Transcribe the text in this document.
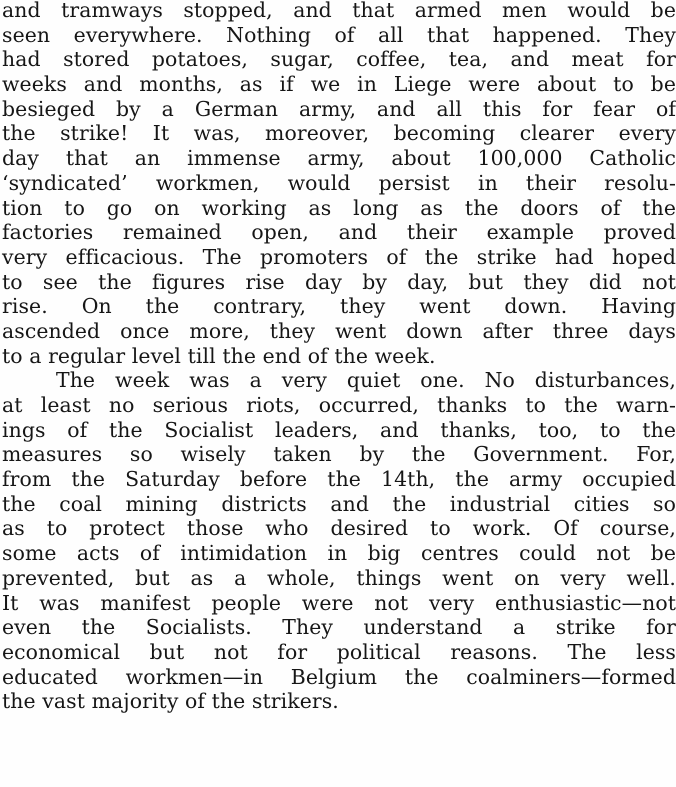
and tramways stopped, and that armed men would be
seen everywhere. Nothing of all that happened. They
had stored potatoes, sugar, coffee, tea, and meat for
weeks and months, as if we in Liege were about to be
besieged by a German army, and all this for fear of
the strike! It was, moreover, becoming clearer every
day that an immense army, about 100,000 Catholic
‘syndicated’ workmen, would persist in their resolu-
tion to go on working as long as the doors of the
factories remained open, and their example proved
very efficacious. The promoters of the strike had hoped
to see the figures rise day by day, but they did not
rise. On the contrary, they went down. Having
ascended once more, they went down after three days
to a regular level till the end of the week.
The week was a very quiet one. No disturbances,
at least no serious riots, occurred, thanks to the warn-
ings of the Socialist leaders, and thanks, too, to the
measures so wisely taken by the Government. For,
from the Saturday before the 14th, the army occupied
the coal mining districts and the industrial cities so
as to protect those who desired to work. Of course,
some acts of intimidation in big centres could not be
prevented, but as a whole, things went on very well.
It was manifest people were not very enthusiastic—not
even the Socialists. They understand a strike for
economical but not for political reasons. The less
educated workmen—in Belgium the coalminers—formed
the vast majority of the strikers.
